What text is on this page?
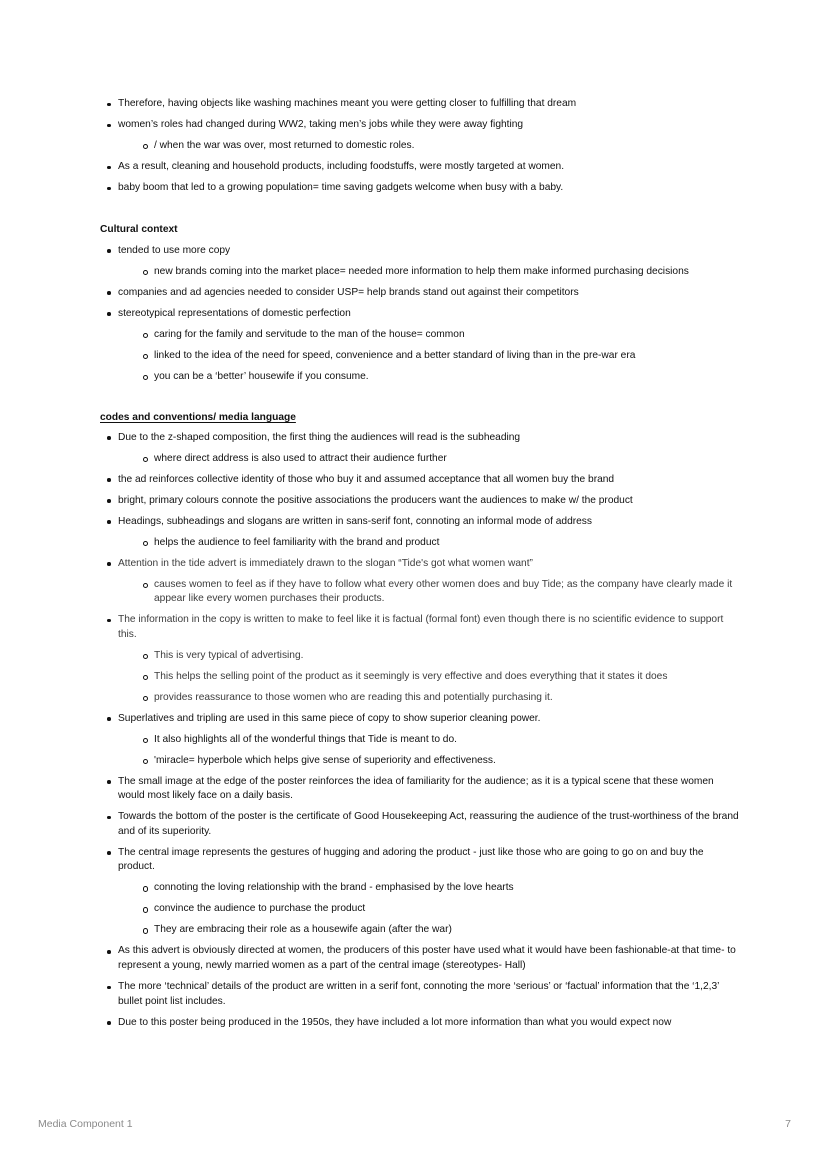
Therefore, having objects like washing machines meant you were getting closer to fulfilling that dream
women’s roles had changed during WW2, taking men’s jobs while they were away fighting
/ when the war was over, most returned to domestic roles.
As a result, cleaning and household products, including foodstuffs, were mostly targeted at women.
baby boom that led to a growing population= time saving gadgets welcome when busy with a baby.

Cultural context

tended to use more copy
new brands coming into the market place= needed more information to help them make informed purchasing decisions
companies and ad agencies needed to consider USP= help brands stand out against their competitors
stereotypical representations of domestic perfection
caring for the family and servitude to the man of the house= common
linked to the idea of the need for speed, convenience and a better standard of living than in the pre-war era
you can be a ‘better’ housewife if you consume.

codes and conventions/ media language

Due to the z-shaped composition, the first thing the audiences will read is the subheading
where direct address is also used to attract their audience further
the ad reinforces collective identity of those who buy it and assumed acceptance that all women buy the brand
bright, primary colours connote the positive associations the producers want the audiences to make w/ the product
Headings, subheadings and slogans are written in sans-serif font, connoting an informal mode of address
helps the audience to feel familiarity with the brand and product
Attention in the tide advert is immediately drawn to the slogan “Tide's got what women want”
causes women to feel as if they have to follow what every other women does and buy Tide; as the company have clearly made it appear like every women purchases their products.
The information in the copy is written to make to feel like it is factual (formal font) even though there is no scientific evidence to support this.
This is very typical of advertising.
This helps the selling point of the product as it seemingly is very effective and does everything that it states it does
provides reassurance to those women who are reading this and potentially purchasing it.
Superlatives and tripling are used in this same piece of copy to show superior cleaning power.
It also highlights all of the wonderful things that Tide is meant to do.
'miracle= hyperbole which helps give sense of superiority and effectiveness.
The small image at the edge of the poster reinforces the idea of familiarity for the audience; as it is a typical scene that these women would most likely face on a daily basis.
Towards the bottom of the poster is the certificate of Good Housekeeping Act, reassuring the audience of the trust-worthiness of the brand and of its superiority.
The central image represents the gestures of hugging and adoring the product - just like those who are going to go on and buy the product.
connoting the loving relationship with the brand - emphasised by the love hearts
convince the audience to purchase the product
They are embracing their role as a housewife again (after the war)
As this advert is obviously directed at women, the producers of this poster have used what it would have been fashionable-at that time- to represent a young, newly married women as a part of the central image (stereotypes- Hall)
The more ‘technical’ details of the product are written in a serif font, connoting the more ‘serious’ or ‘factual’ information that the ‘1,2,3’ bullet point list includes.
Due to this poster being produced in the 1950s, they have included a lot more information than what you would expect now
Media Component 1	7
